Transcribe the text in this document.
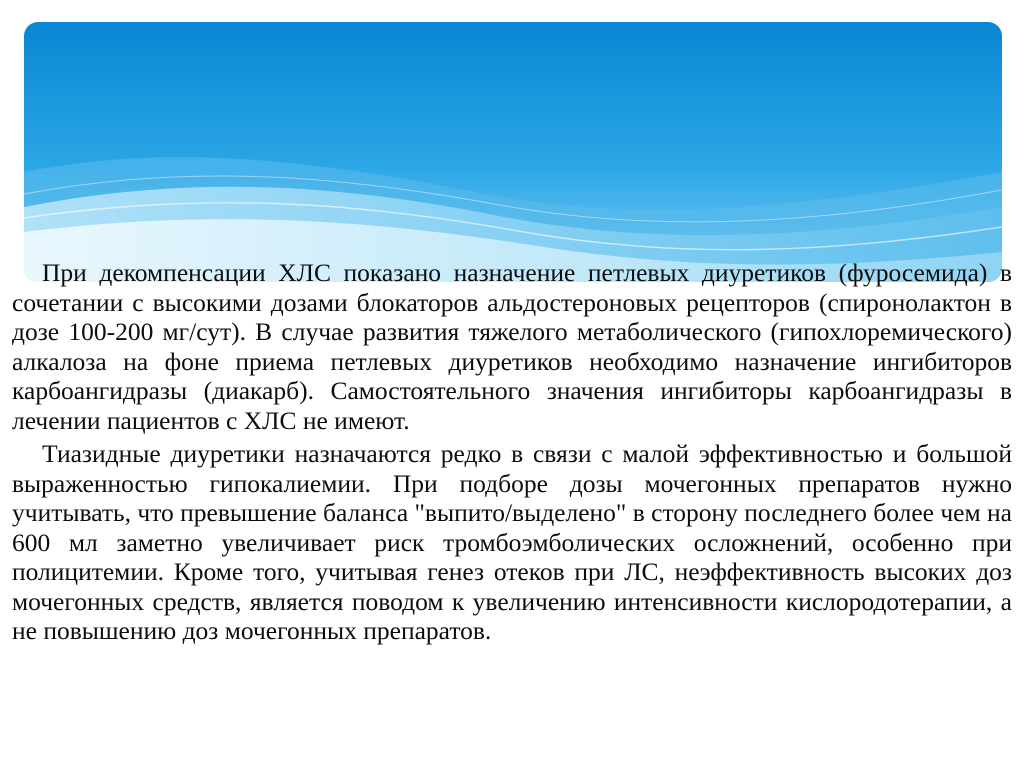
При декомпенсации ХЛС показано назначение петлевых диуретиков (фуросемида) в сочетании с высокими дозами блокаторов альдостероновых рецепторов (спиронолактон в дозе 100-200 мг/сут). В случае развития тяжелого метаболического (гипохлоремического) алкалоза на фоне приема петлевых диуретиков необходимо назначение ингибиторов карбоангидразы (диакарб). Самостоятельного значения ингибиторы карбоангидразы в лечении пациентов с ХЛС не имеют.

Тиазидные диуретики назначаются редко в связи с малой эффективностью и большой выраженностью гипокалиемии. При подборе дозы мочегонных препаратов нужно учитывать, что превышение баланса "выпито/выделено" в сторону последнего более чем на 600 мл заметно увеличивает риск тромбоэмболических осложнений, особенно при полицитемии. Кроме того, учитывая генез отеков при ЛС, неэффективность высоких доз мочегонных средств, является поводом к увеличению интенсивности кислородотерапии, а не повышению доз мочегонных препаратов.
